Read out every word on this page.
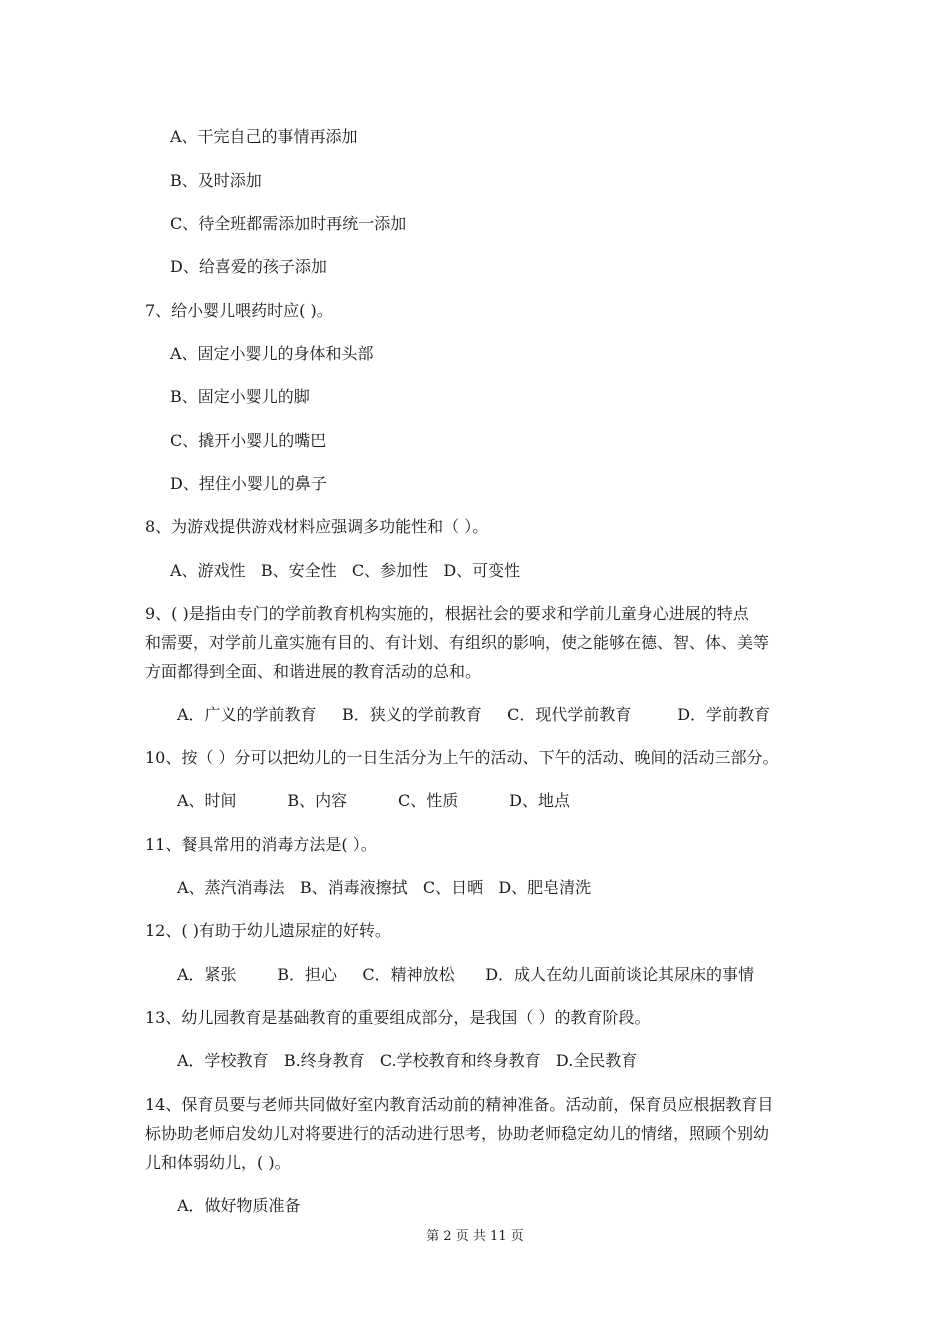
A、干完自己的事情再添加
B、及时添加
C、待全班都需添加时再统一添加
D、给喜爱的孩子添加
7、给小婴儿喂药时应( )。
A、固定小婴儿的身体和头部
B、固定小婴儿的脚
C、撬开小婴儿的嘴巴
D、捏住小婴儿的鼻子
8、为游戏提供游戏材料应强调多功能性和（ ）。
A、游戏性   B、安全性   C、参加性   D、可变性
9、( )是指由专门的学前教育机构实施的，根据社会的要求和学前儿童身心进展的特点
和需要，对学前儿童实施有目的、有计划、有组织的影响，使之能够在德、智、体、美等
方面都得到全面、和谐进展的教育活动的总和。
A．广义的学前教育     B．狭义的学前教育     C．现代学前教育         D．学前教育
10、按（ ）分可以把幼儿的一日生活分为上午的活动、下午的活动、晚间的活动三部分。
A、时间          B、内容          C、性质          D、地点
11、餐具常用的消毒方法是( ）。
A、蒸汽消毒法   B、消毒液擦拭   C、日晒   D、肥皂清洗
12、( )有助于幼儿遗尿症的好转。
A．紧张        B．担心     C．精神放松      D．成人在幼儿面前谈论其尿床的事情
13、幼儿园教育是基础教育的重要组成部分，是我国（ ）的教育阶段。
A．学校教育   B.终身教育   C.学校教育和终身教育   D.全民教育
14、保育员要与老师共同做好室内教育活动前的精神准备。活动前，保育员应根据教育目
标协助老师启发幼儿对将要进行的活动进行思考，协助老师稳定幼儿的情绪，照顾个别幼
儿和体弱幼儿，( )。
A．做好物质准备
第 2 页 共 11 页
